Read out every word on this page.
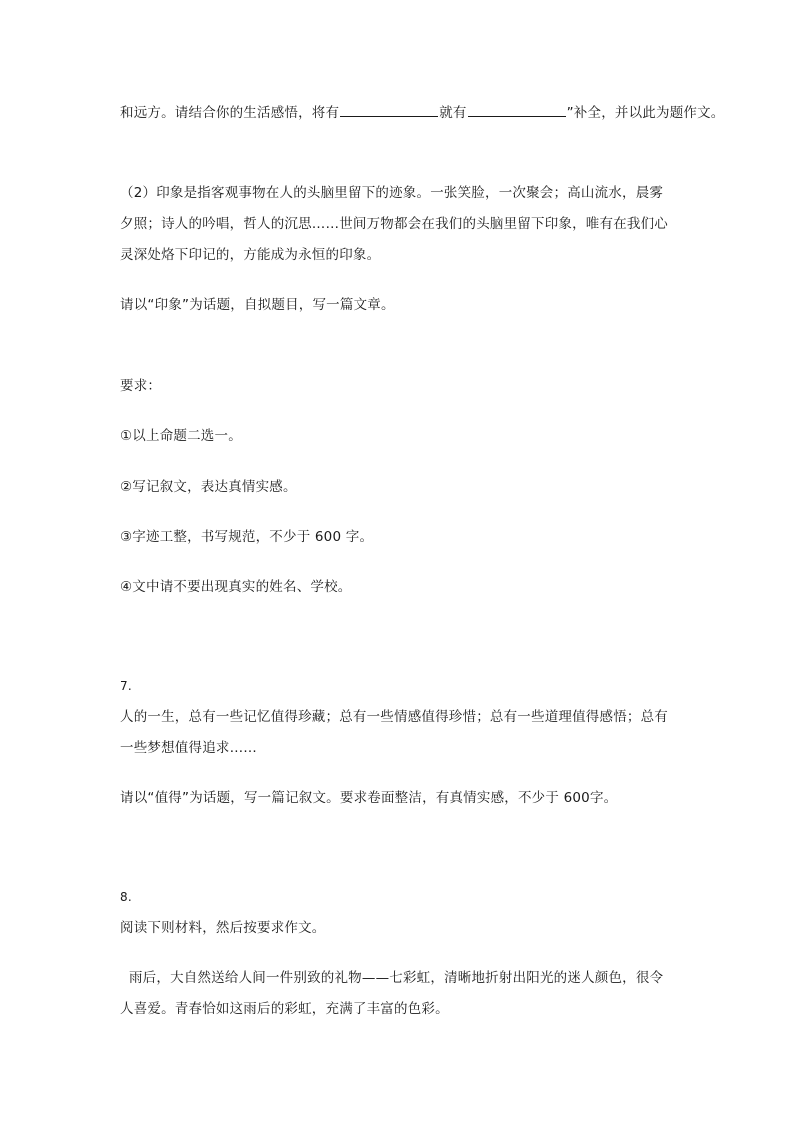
和远方。请结合你的生活感悟，将有	就有	”补全，并以此为题作文。
（2）印象是指客观事物在人的头脑里留下的迹象。一张笑脸，一次聚会；高山流水，晨雾
夕照；诗人的吟唱，哲人的沉思……世间万物都会在我们的头脑里留下印象，唯有在我们心
灵深处烙下印记的，方能成为永恒的印象。
请以“印象”为话题，自拟题目，写一篇文章。
要求：
①以上命题二选一。
②写记叙文，表达真情实感。
③字迹工整，书写规范，不少于 600 字。
④文中请不要出现真实的姓名、学校。
7.
人的一生，总有一些记忆值得珍藏；总有一些情感值得珍惜；总有一些道理值得感悟；总有
一些梦想值得追求……
请以“值得”为话题，写一篇记叙文。要求卷面整洁，有真情实感，不少于 600字。
8.
阅读下则材料，然后按要求作文。
雨后，大自然送给人间一件别致的礼物——七彩虹，清晰地折射出阳光的迷人颜色，很令
人喜爱。青春恰如这雨后的彩虹，充满了丰富的色彩。
